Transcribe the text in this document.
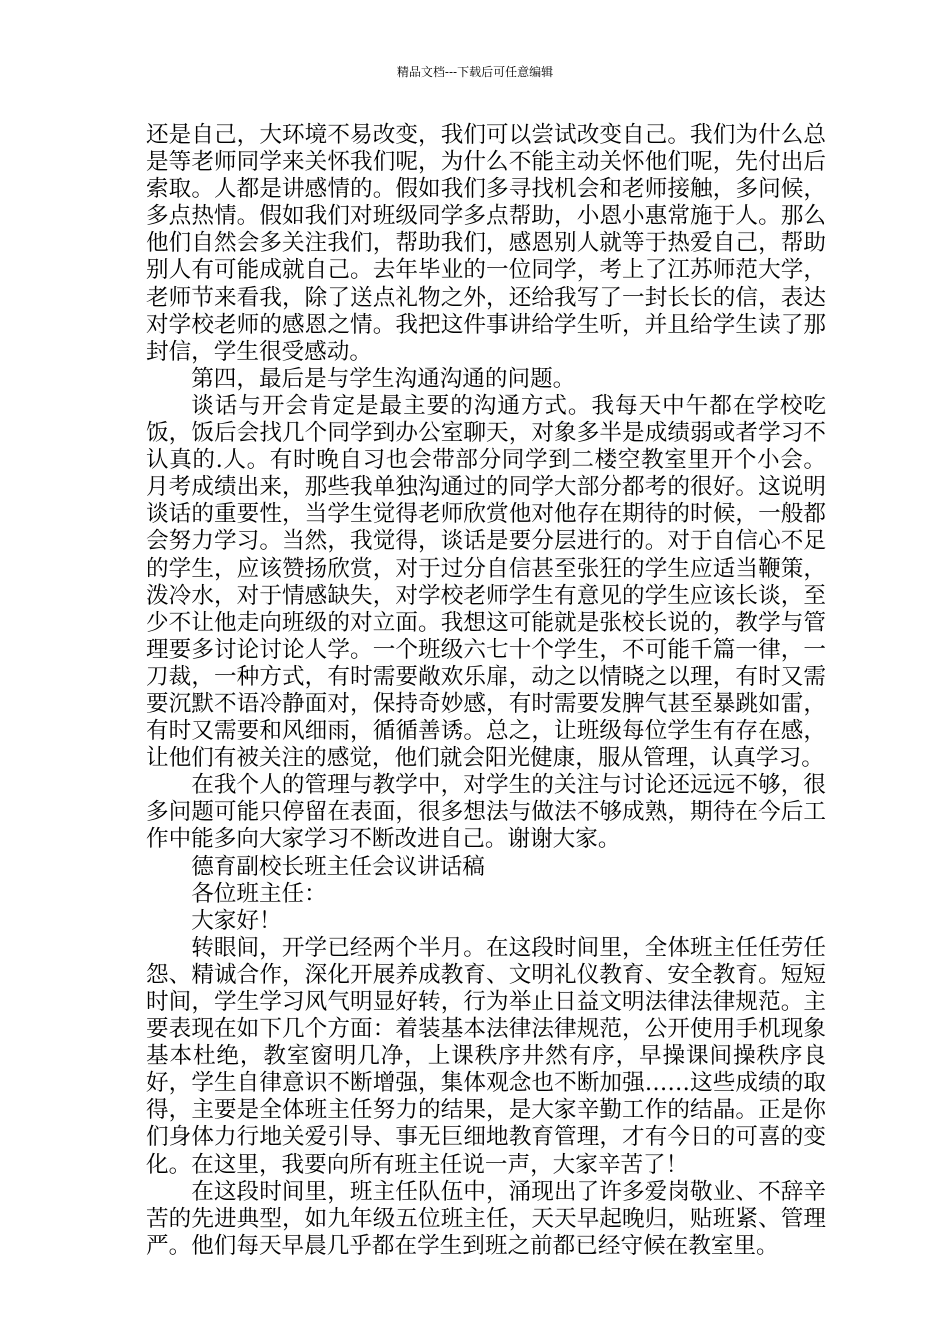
精品文档---下载后可任意编辑

还是自己，大环境不易改变，我们可以尝试改变自己。我们为什么总是等老师同学来关怀我们呢，为什么不能主动关怀他们呢，先付出后索取。人都是讲感情的。假如我们多寻找机会和老师接触，多问候，多点热情。假如我们对班级同学多点帮助，小恩小惠常施于人。那么他们自然会多关注我们，帮助我们，感恩别人就等于热爱自己，帮助别人有可能成就自己。去年毕业的一位同学，考上了江苏师范大学，老师节来看我，除了送点礼物之外，还给我写了一封长长的信，表达对学校老师的感恩之情。我把这件事讲给学生听，并且给学生读了那封信，学生很受感动。

第四，最后是与学生沟通沟通的问题。

谈话与开会肯定是最主要的沟通方式。我每天中午都在学校吃饭，饭后会找几个同学到办公室聊天，对象多半是成绩弱或者学习不认真的.人。有时晚自习也会带部分同学到二楼空教室里开个小会。月考成绩出来，那些我单独沟通过的同学大部分都考的很好。这说明谈话的重要性，当学生觉得老师欣赏他对他存在期待的时候，一般都会努力学习。当然，我觉得，谈话是要分层进行的。对于自信心不足的学生，应该赞扬欣赏，对于过分自信甚至张狂的学生应适当鞭策，泼冷水，对于情感缺失，对学校老师学生有意见的学生应该长谈，至少不让他走向班级的对立面。我想这可能就是张校长说的，教学与管理要多讨论讨论人学。一个班级六七十个学生，不可能千篇一律，一刀裁，一种方式，有时需要敞欢乐扉，动之以情晓之以理，有时又需要沉默不语冷静面对，保持奇妙感，有时需要发脾气甚至暴跳如雷，有时又需要和风细雨，循循善诱。总之，让班级每位学生有存在感，让他们有被关注的感觉，他们就会阳光健康，服从管理，认真学习。

在我个人的管理与教学中，对学生的关注与讨论还远远不够，很多问题可能只停留在表面，很多想法与做法不够成熟，期待在今后工作中能多向大家学习不断改进自己。谢谢大家。

德育副校长班主任会议讲话稿

各位班主任：

大家好！

转眼间，开学已经两个半月。在这段时间里，全体班主任任劳任怨、精诚合作，深化开展养成教育、文明礼仪教育、安全教育。短短时间，学生学习风气明显好转，行为举止日益文明法律法律规范。主要表现在如下几个方面：着装基本法律法律规范，公开使用手机现象基本杜绝，教室窗明几净，上课秩序井然有序，早操课间操秩序良好，学生自律意识不断增强，集体观念也不断加强……这些成绩的取得，主要是全体班主任努力的结果，是大家辛勤工作的结晶。正是你们身体力行地关爱引导、事无巨细地教育管理，才有今日的可喜的变化。在这里，我要向所有班主任说一声，大家辛苦了！

在这段时间里，班主任队伍中，涌现出了许多爱岗敬业、不辞辛苦的先进典型，如九年级五位班主任，天天早起晚归，贴班紧、管理严。他们每天早晨几乎都在学生到班之前都已经守候在教室里。
